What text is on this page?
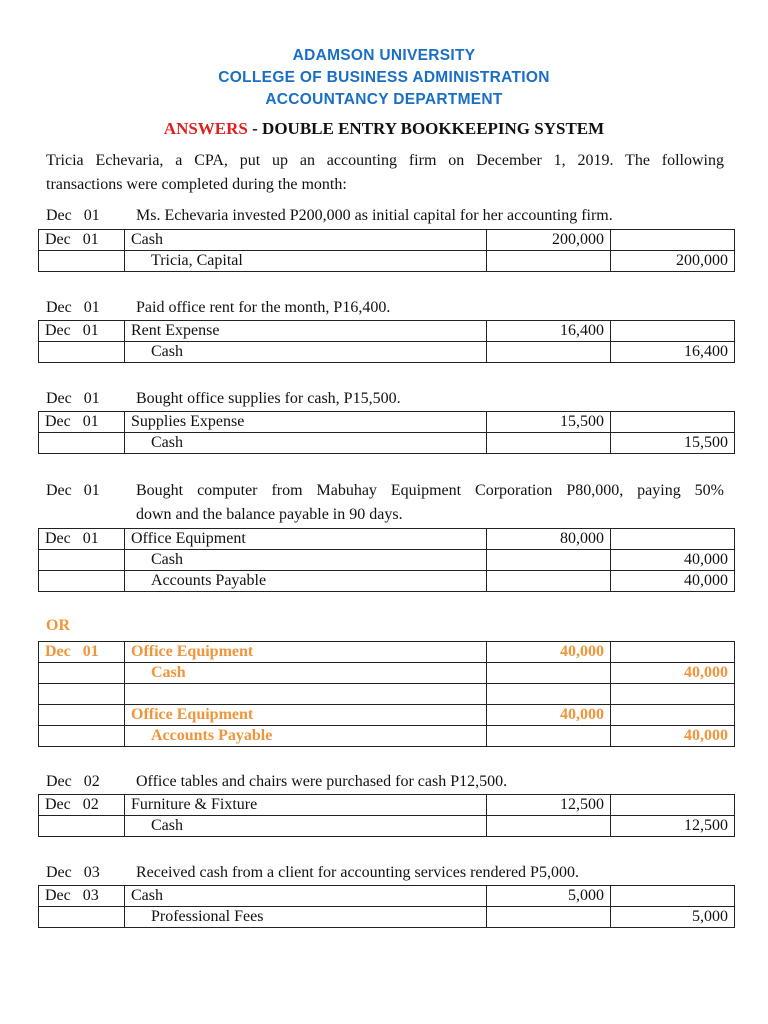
ADAMSON UNIVERSITY
COLLEGE OF BUSINESS ADMINISTRATION
ACCOUNTANCY DEPARTMENT
ANSWERS - DOUBLE ENTRY BOOKKEEPING SYSTEM
Tricia Echevaria, a CPA, put up an accounting firm on December 1, 2019. The following
transactions were completed during the month:
Dec   01 Ms. Echevaria invested P200,000 as initial capital for her accounting firm.
Dec   01	Cash	200,000	
	Tricia, Capital		200,000
Dec   01 Paid office rent for the month, P16,400.
Dec   01	Rent Expense	16,400	
	Cash		16,400
Dec   01 Bought office supplies for cash, P15,500.
Dec   01	Supplies Expense	15,500	
	Cash		15,500
Dec   01 Bought computer from Mabuhay Equipment Corporation P80,000, paying 50%
down and the balance payable in 90 days.
Dec   01	Office Equipment	80,000	
	Cash		40,000
	Accounts Payable		40,000
OR
Dec   01	Office Equipment	40,000	
	Cash		40,000

	Office Equipment	40,000	
	Accounts Payable		40,000
Dec   02 Office tables and chairs were purchased for cash P12,500.
Dec   02	Furniture & Fixture	12,500	
	Cash		12,500
Dec   03 Received cash from a client for accounting services rendered P5,000.
Dec   03	Cash	5,000	
	Professional Fees		5,000
